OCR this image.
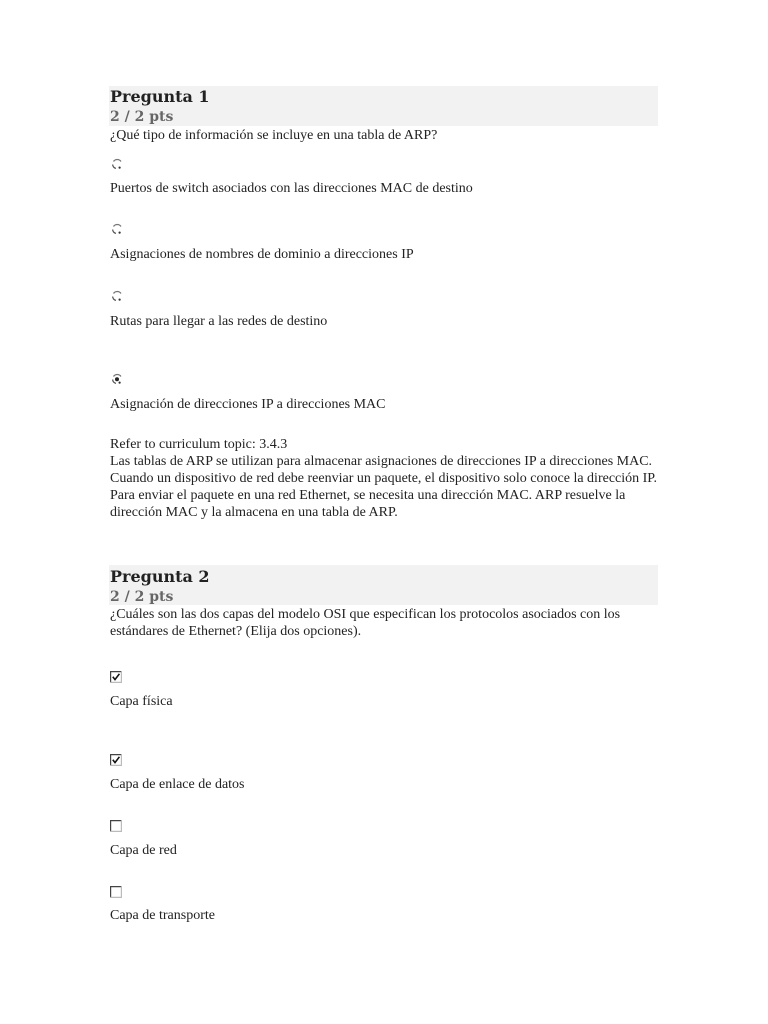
Pregunta 1
2 / 2 pts
¿Qué tipo de información se incluye en una tabla de ARP?
Puertos de switch asociados con las direcciones MAC de destino
Asignaciones de nombres de dominio a direcciones IP
Rutas para llegar a las redes de destino
Asignación de direcciones IP a direcciones MAC
Refer to curriculum topic: 3.4.3
Las tablas de ARP se utilizan para almacenar asignaciones de direcciones IP a direcciones MAC. Cuando un dispositivo de red debe reenviar un paquete, el dispositivo solo conoce la dirección IP. Para enviar el paquete en una red Ethernet, se necesita una dirección MAC. ARP resuelve la dirección MAC y la almacena en una tabla de ARP.
Pregunta 2
2 / 2 pts
¿Cuáles son las dos capas del modelo OSI que especifican los protocolos asociados con los estándares de Ethernet? (Elija dos opciones).
Capa física
Capa de enlace de datos
Capa de red
Capa de transporte
